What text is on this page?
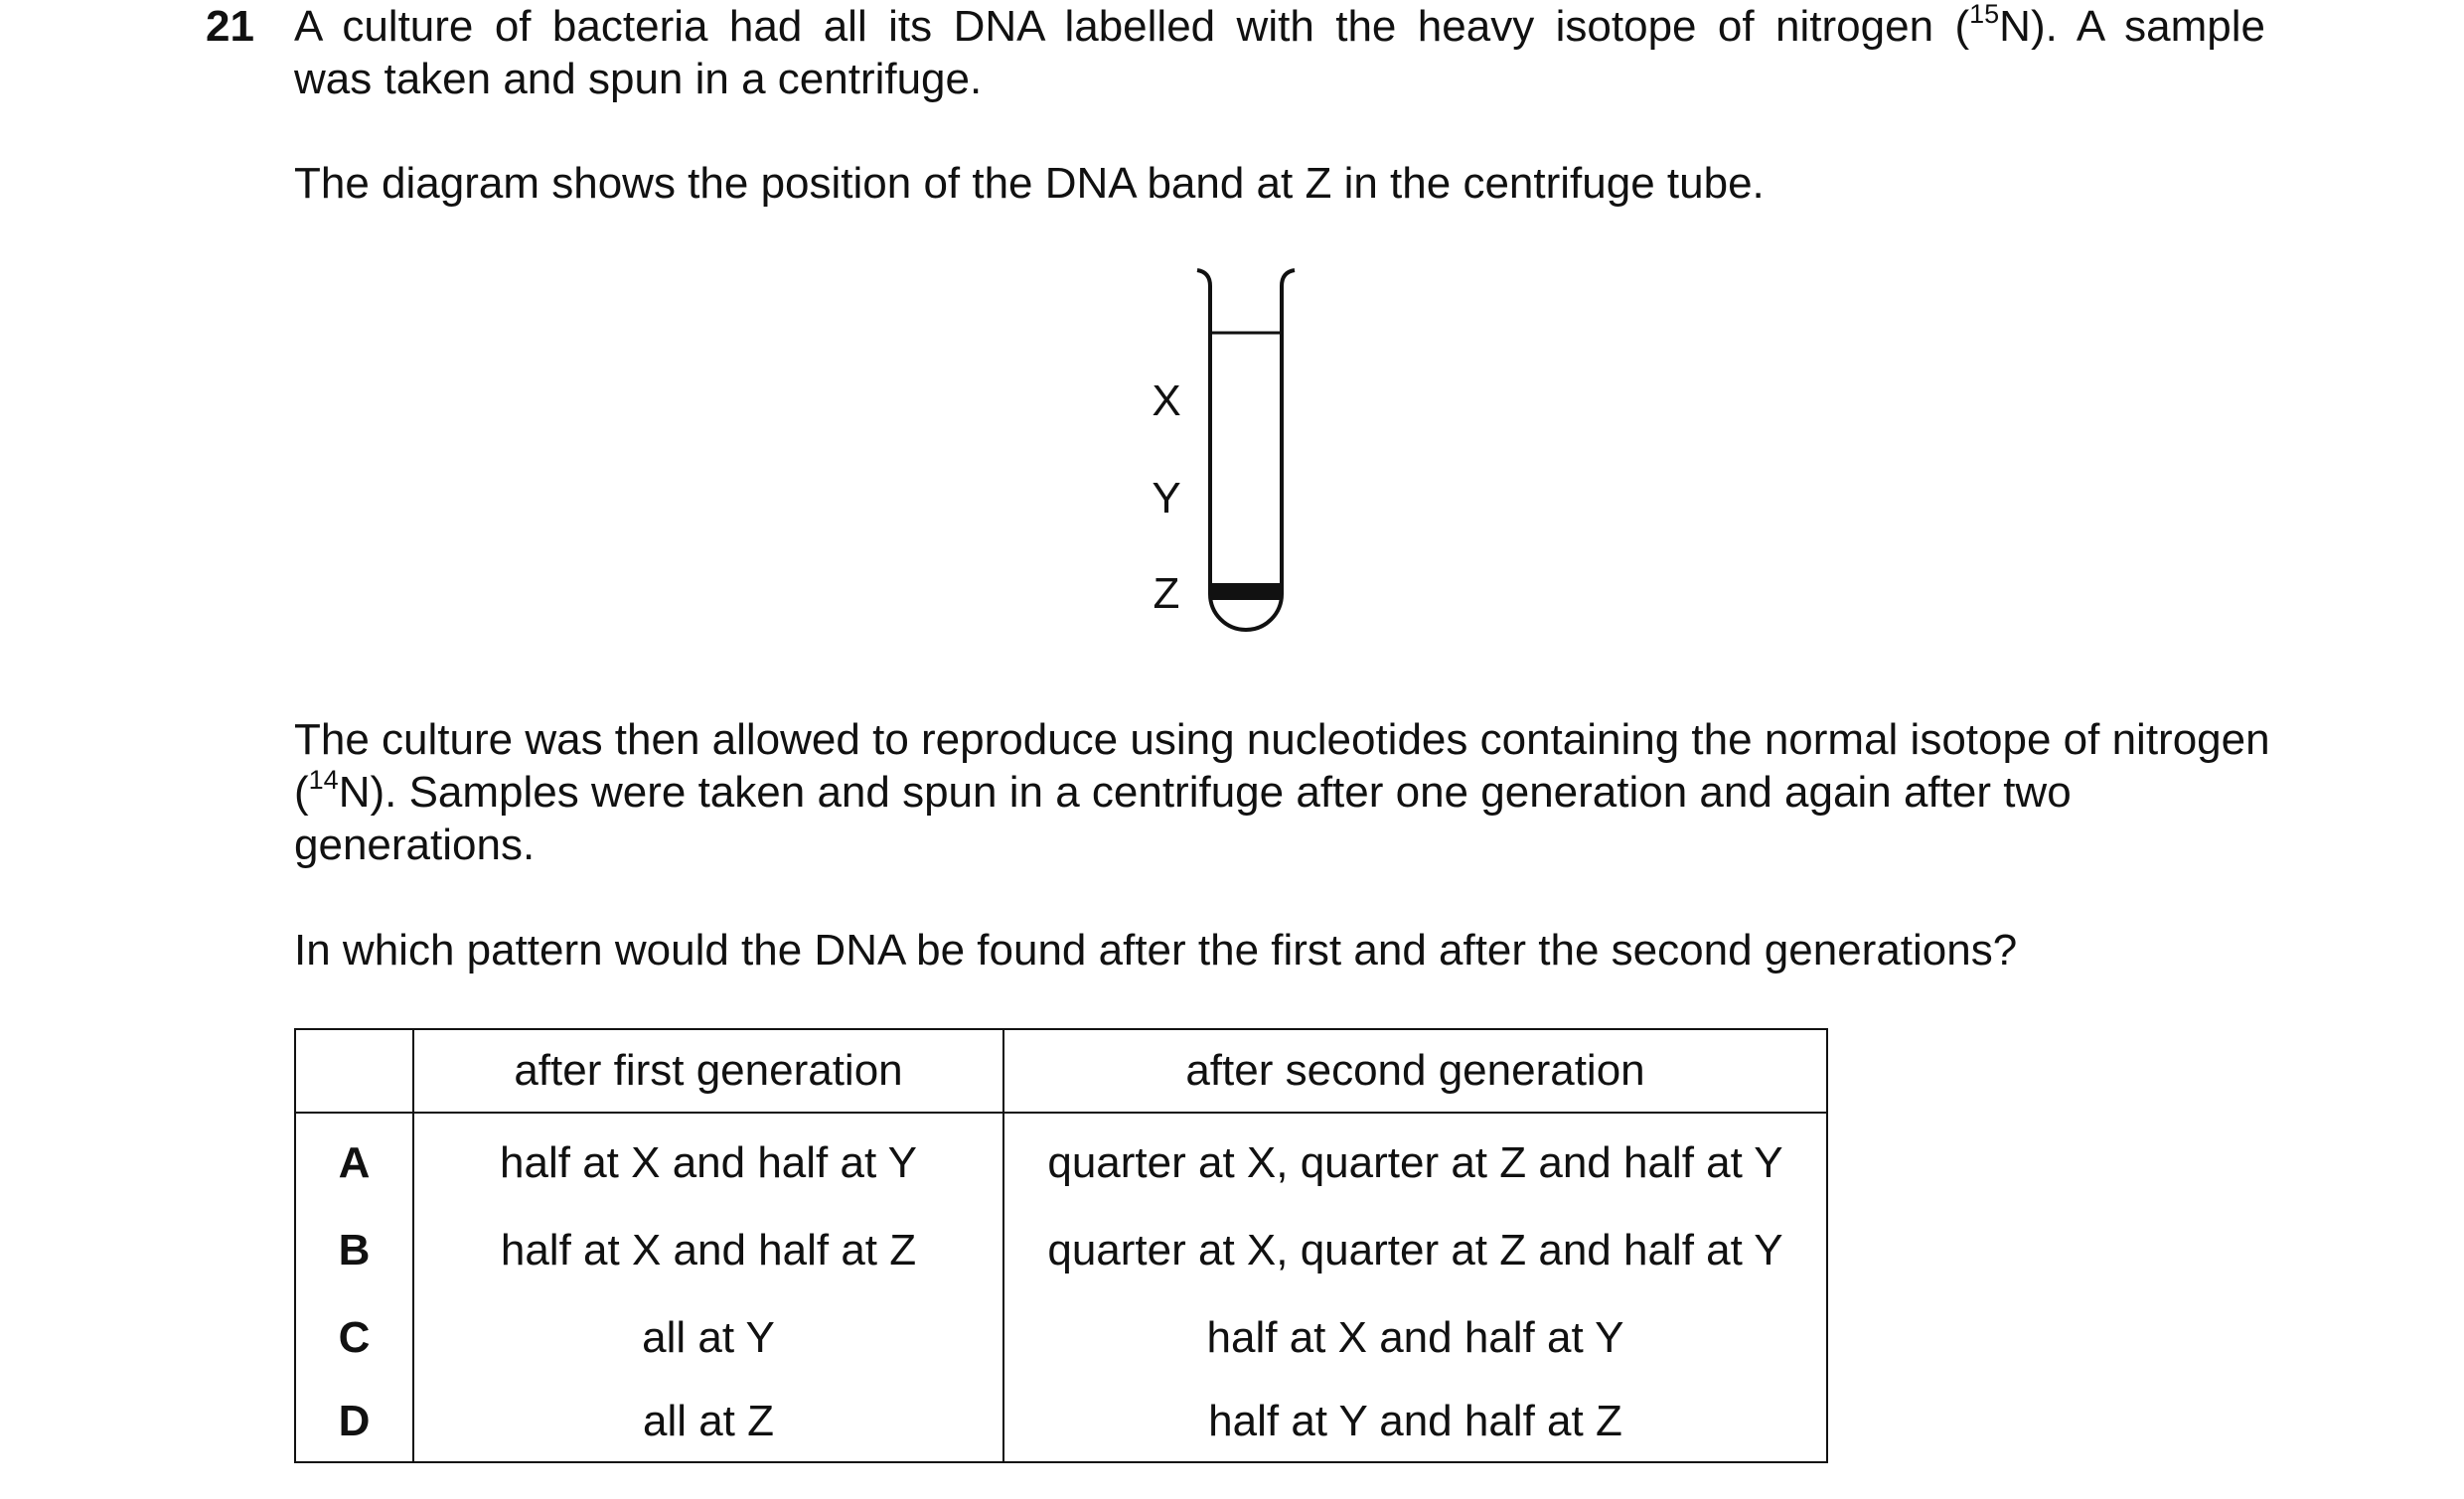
21 A culture of bacteria had all its DNA labelled with the heavy isotope of nitrogen ($^{15}$N). A sample
was taken and spun in a centrifuge.

The diagram shows the position of the DNA band at Z in the centrifuge tube.

X
Y
Z

The culture was then allowed to reproduce using nucleotides containing the normal isotope of nitrogen ($^{14}$N). Samples were taken and spun in a centrifuge after one generation and again after two generations.

In which pattern would the DNA be found after the first and after the second generations?

	after first generation	after second generation
A	half at X and half at Y	quarter at X, quarter at Z and half at Y
B	half at X and half at Z	quarter at X, quarter at Z and half at Y
C	all at Y	half at X and half at Y
D	all at Z	half at Y and half at Z
